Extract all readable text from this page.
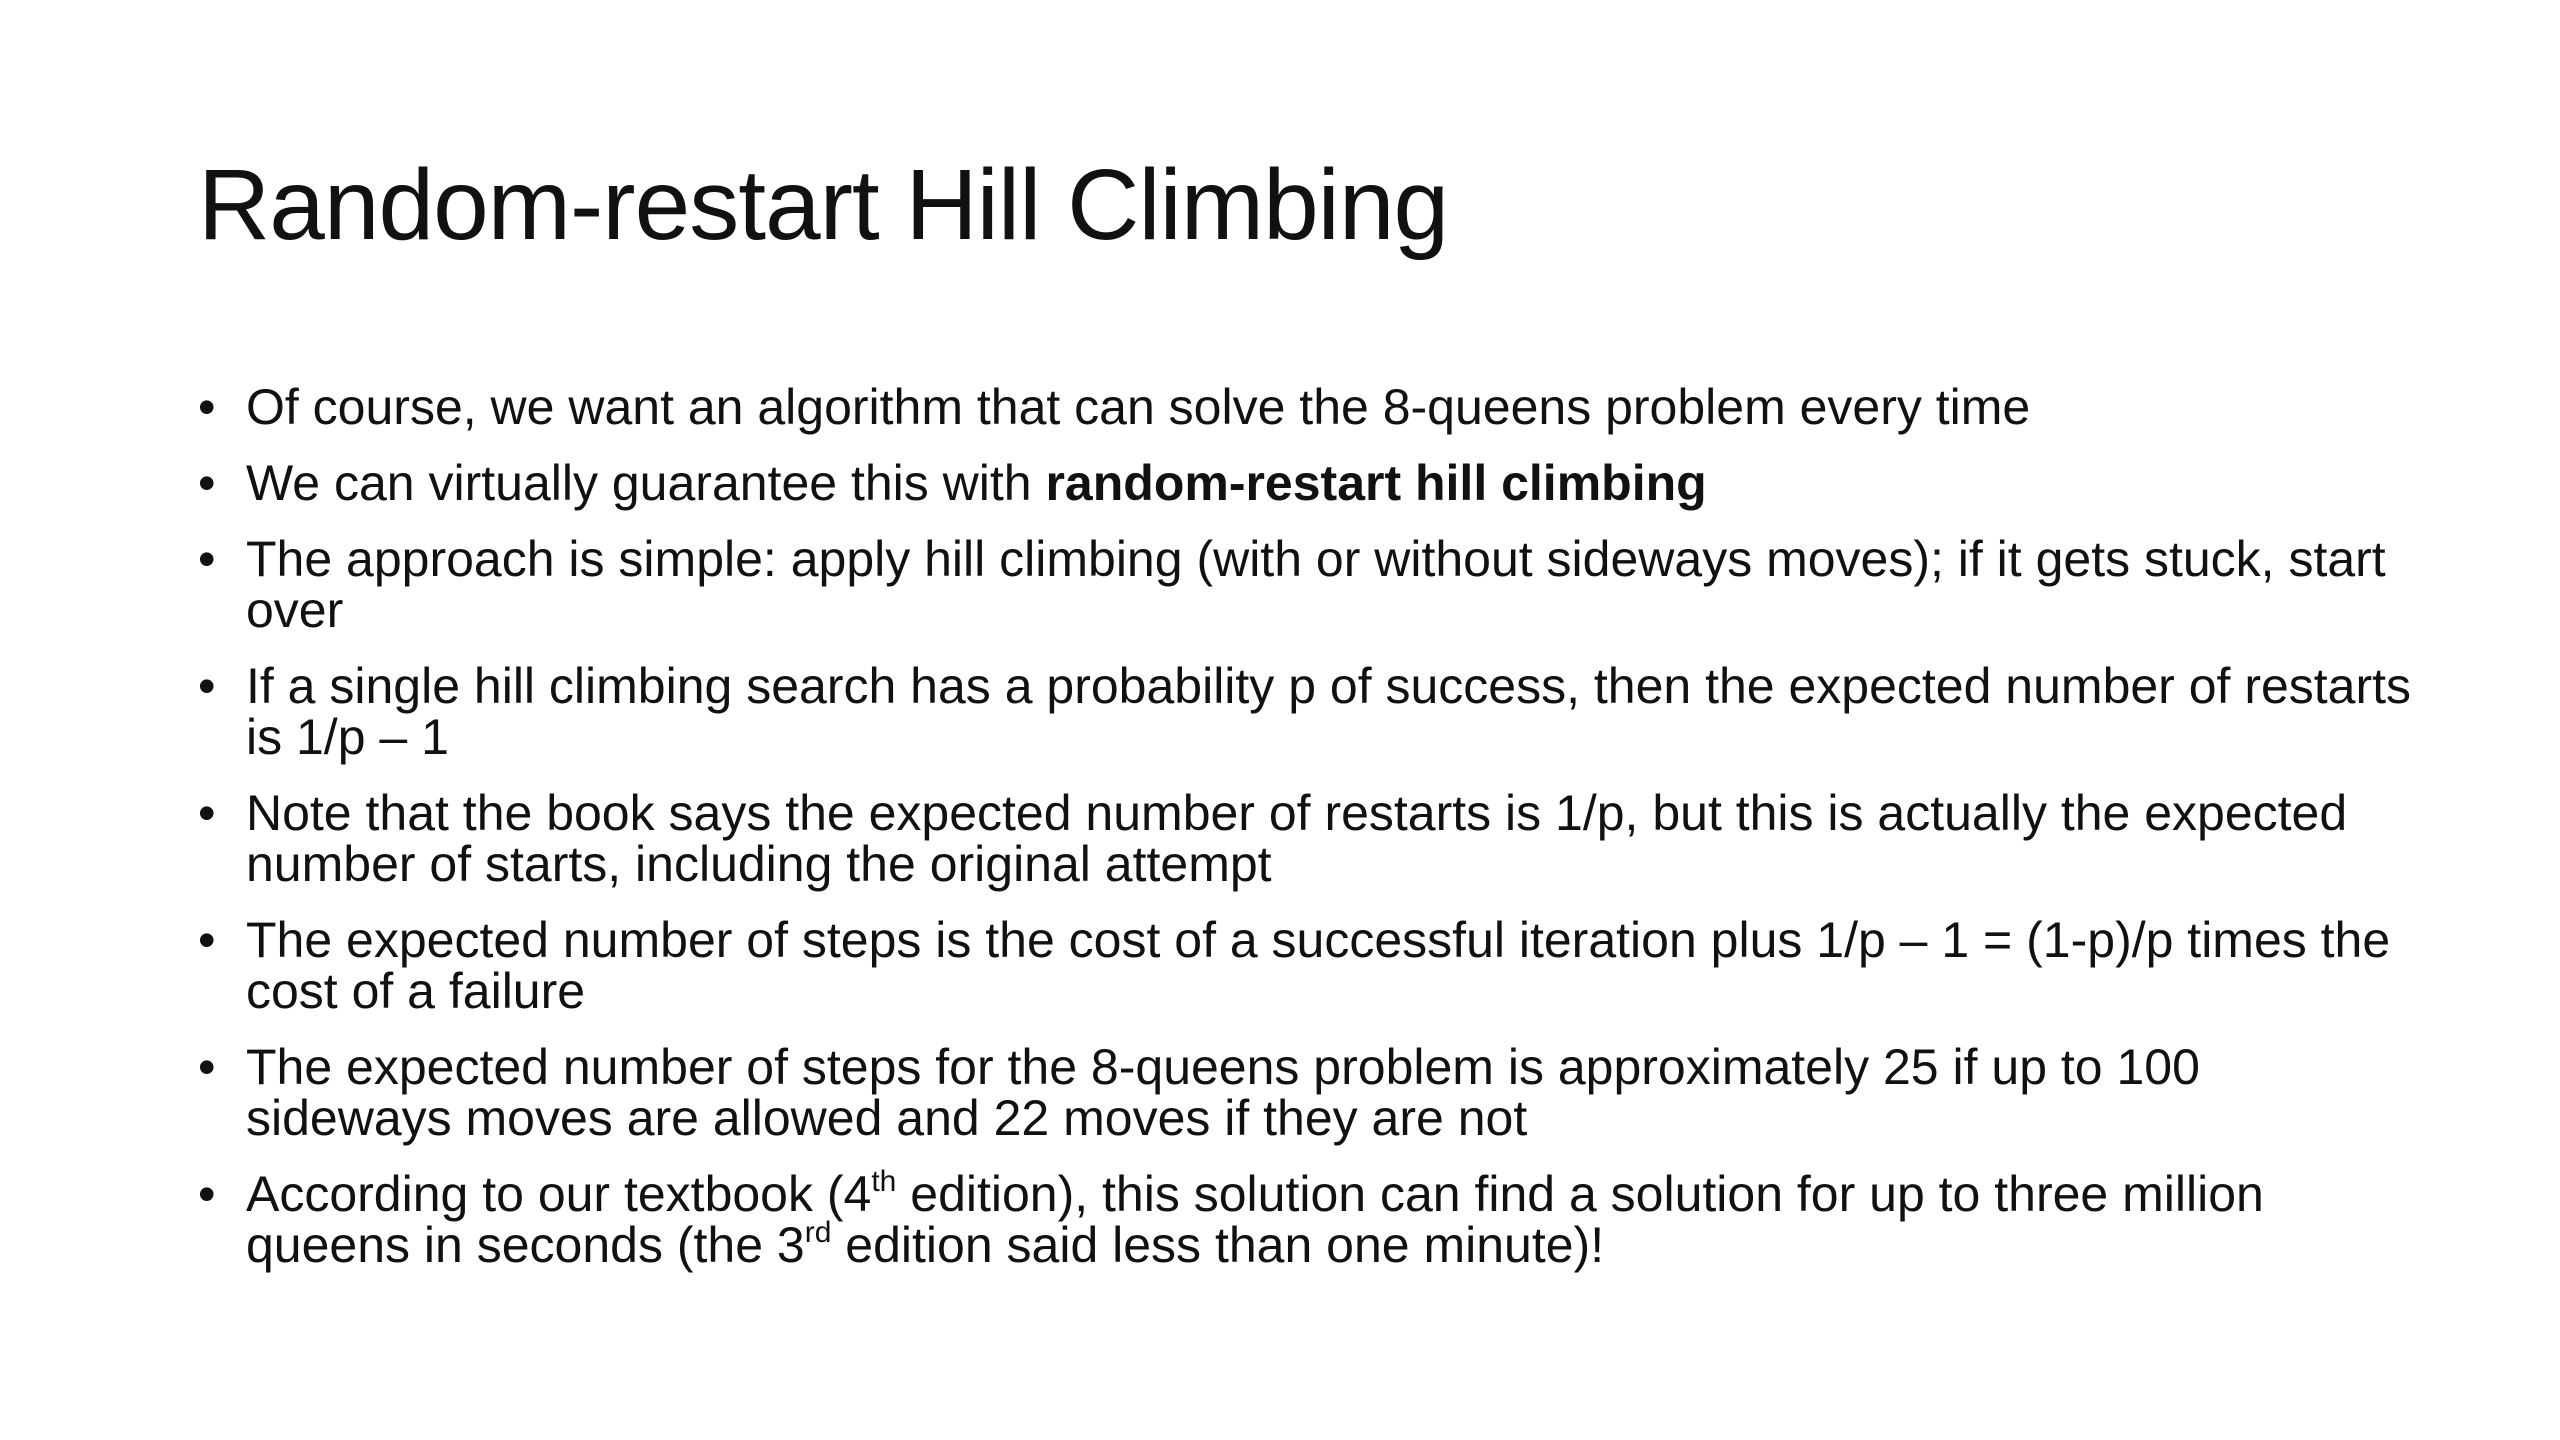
Random-restart Hill Climbing
• Of course, we want an algorithm that can solve the 8-queens problem every time
• We can virtually guarantee this with random-restart hill climbing
• The approach is simple: apply hill climbing (with or without sideways moves); if it gets stuck, start over
• If a single hill climbing search has a probability p of success, then the expected number of restarts is 1/p – 1
• Note that the book says the expected number of restarts is 1/p, but this is actually the expected number of starts, including the original attempt
• The expected number of steps is the cost of a successful iteration plus 1/p – 1 = (1-p)/p times the cost of a failure
• The expected number of steps for the 8-queens problem is approximately 25 if up to 100 sideways moves are allowed and 22 moves if they are not
• According to our textbook (4th edition), this solution can find a solution for up to three million queens in seconds (the 3rd edition said less than one minute)!
